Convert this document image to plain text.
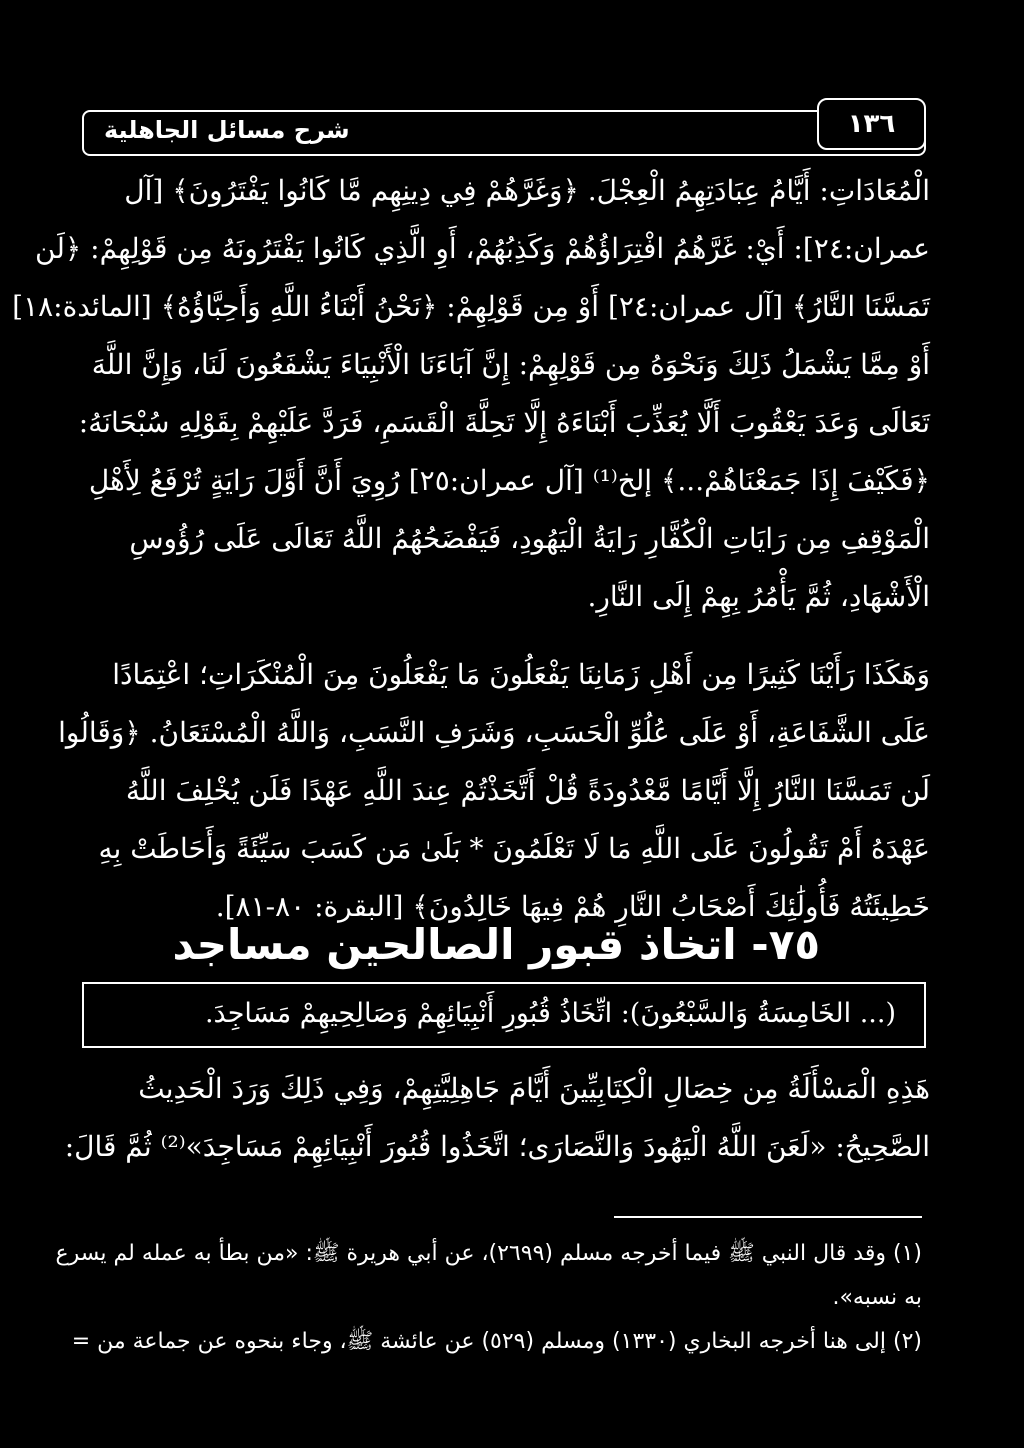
شرح مسائل الجاهلية	١٣٦
الْمُعَادَاتِ: أَيَّامُ عِبَادَتِهِمُ الْعِجْلَ. ﴿وَغَرَّهُمْ فِي دِينِهِم مَّا كَانُوا يَفْتَرُونَ﴾ [آل
عمران:٢٤]: أَيْ: غَرَّهُمُ افْتِرَاؤُهُمْ وَكَذِبُهُمْ، أَوِ الَّذِي كَانُوا يَفْتَرُونَهُ مِن قَوْلِهِمْ: ﴿لَن
تَمَسَّنَا النَّارُ﴾ [آل عمران:٢٤] أَوْ مِن قَوْلِهِمْ: ﴿نَحْنُ أَبْنَاءُ اللَّهِ وَأَحِبَّاؤُهُ﴾ [المائدة:١٨]
أَوْ مِمَّا يَشْمَلُ ذَلِكَ وَنَحْوَهُ مِن قَوْلِهِمْ: إِنَّ آبَاءَنَا الْأَنْبِيَاءَ يَشْفَعُونَ لَنَا، وَإِنَّ اللَّهَ
تَعَالَى وَعَدَ يَعْقُوبَ أَلَّا يُعَذِّبَ أَبْنَاءَهُ إِلَّا تَحِلَّةَ الْقَسَمِ، فَرَدَّ عَلَيْهِمْ بِقَوْلِهِ سُبْحَانَهُ:
﴿فَكَيْفَ إِذَا جَمَعْنَاهُمْ...﴾ إلخ⁽¹⁾ [آل عمران:٢٥] رُوِيَ أَنَّ أَوَّلَ رَايَةٍ تُرْفَعُ لِأَهْلِ
الْمَوْقِفِ مِن رَايَاتِ الْكُفَّارِ رَايَةُ الْيَهُودِ، فَيَفْضَحُهُمُ اللَّهُ تَعَالَى عَلَى رُؤُوسِ
الْأَشْهَادِ، ثُمَّ يَأْمُرُ بِهِمْ إِلَى النَّارِ.
وَهَكَذَا رَأَيْنَا كَثِيرًا مِن أَهْلِ زَمَانِنَا يَفْعَلُونَ مَا يَفْعَلُونَ مِنَ الْمُنْكَرَاتِ؛ اعْتِمَادًا
عَلَى الشَّفَاعَةِ، أَوْ عَلَى عُلُوِّ الْحَسَبِ، وَشَرَفِ النَّسَبِ، وَاللَّهُ الْمُسْتَعَانُ. ﴿وَقَالُوا
لَن تَمَسَّنَا النَّارُ إِلَّا أَيَّامًا مَّعْدُودَةً قُلْ أَتَّخَذْتُمْ عِندَ اللَّهِ عَهْدًا فَلَن يُخْلِفَ اللَّهُ
عَهْدَهُ أَمْ تَقُولُونَ عَلَى اللَّهِ مَا لَا تَعْلَمُونَ * بَلَىٰ مَن كَسَبَ سَيِّئَةً وَأَحَاطَتْ بِهِ
خَطِيئَتُهُ فَأُولَٰئِكَ أَصْحَابُ النَّارِ هُمْ فِيهَا خَالِدُونَ﴾ [البقرة: ٨٠-٨١].
٧٥- اتخاذ قبور الصالحين مساجد
(... الخَامِسَةُ وَالسَّبْعُونَ): اتِّخَاذُ قُبُورِ أَنْبِيَائِهِمْ وَصَالِحِيهِمْ مَسَاجِدَ.
هَذِهِ الْمَسْأَلَةُ مِن خِصَالِ الْكِتَابِيِّينَ أَيَّامَ جَاهِلِيَّتِهِمْ، وَفِي ذَلِكَ وَرَدَ الْحَدِيثُ
الصَّحِيحُ: «لَعَنَ اللَّهُ الْيَهُودَ وَالنَّصَارَى؛ اتَّخَذُوا قُبُورَ أَنْبِيَائِهِمْ مَسَاجِدَ»⁽²⁾ ثُمَّ قَالَ:
(١) وقد قال النبي ﷺ فيما أخرجه مسلم (٢٦٩٩)، عن أبي هريرة ﷺ: «من بطأ به عمله لم يسرع
به نسبه».
(٢) إلى هنا أخرجه البخاري (١٣٣٠) ومسلم (٥٢٩) عن عائشة ﷺ، وجاء بنحوه عن جماعة من =
